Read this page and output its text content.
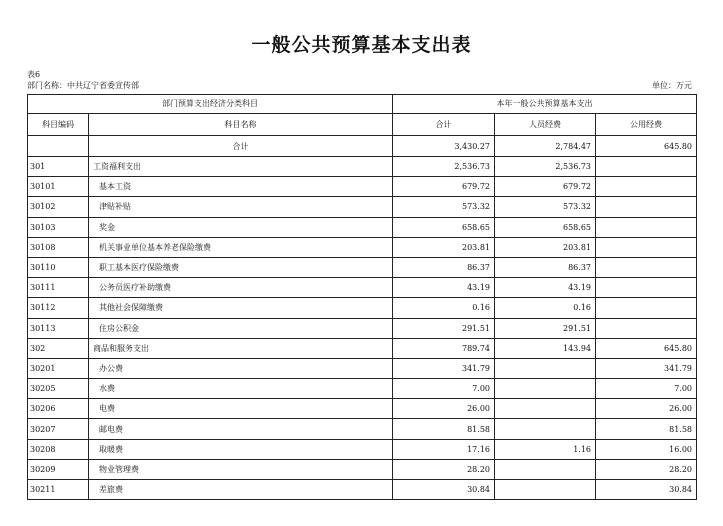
一般公共预算基本支出表
表6
部门名称：中共辽宁省委宣传部	单位：万元
部门预算支出经济分类科目		本年一般公共预算基本支出		
科目编码	科目名称	合计	人员经费	公用经费
	合计	3,430.27	2,784.47	645.80
301	工资福利支出	2,536.73	2,536.73	
30101	基本工资	679.72	679.72	
30102	津贴补贴	573.32	573.32	
30103	奖金	658.65	658.65	
30108	机关事业单位基本养老保险缴费	203.81	203.81	
30110	职工基本医疗保险缴费	86.37	86.37	
30111	公务员医疗补助缴费	43.19	43.19	
30112	其他社会保障缴费	0.16	0.16	
30113	住房公积金	291.51	291.51	
302	商品和服务支出	789.74	143.94	645.80
30201	办公费	341.79		341.79
30205	水费	7.00		7.00
30206	电费	26.00		26.00
30207	邮电费	81.58		81.58
30208	取暖费	17.16	1.16	16.00
30209	物业管理费	28.20		28.20
30211	差旅费	30.84		30.84
